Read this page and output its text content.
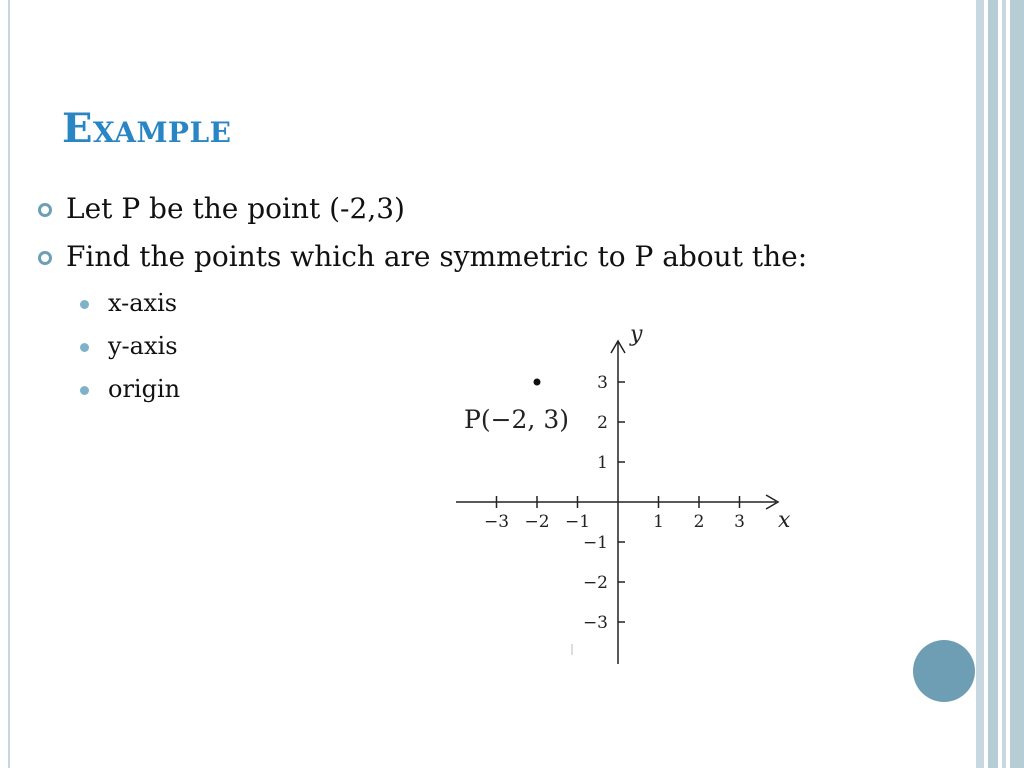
Example
Let P be the point (-2,3)
Find the points which are symmetric to P about the:
x-axis
y-axis
origin
−3 −2 −1	1 2 3
3
2
1
−1
−2
−3
x
y
P(−2, 3)
